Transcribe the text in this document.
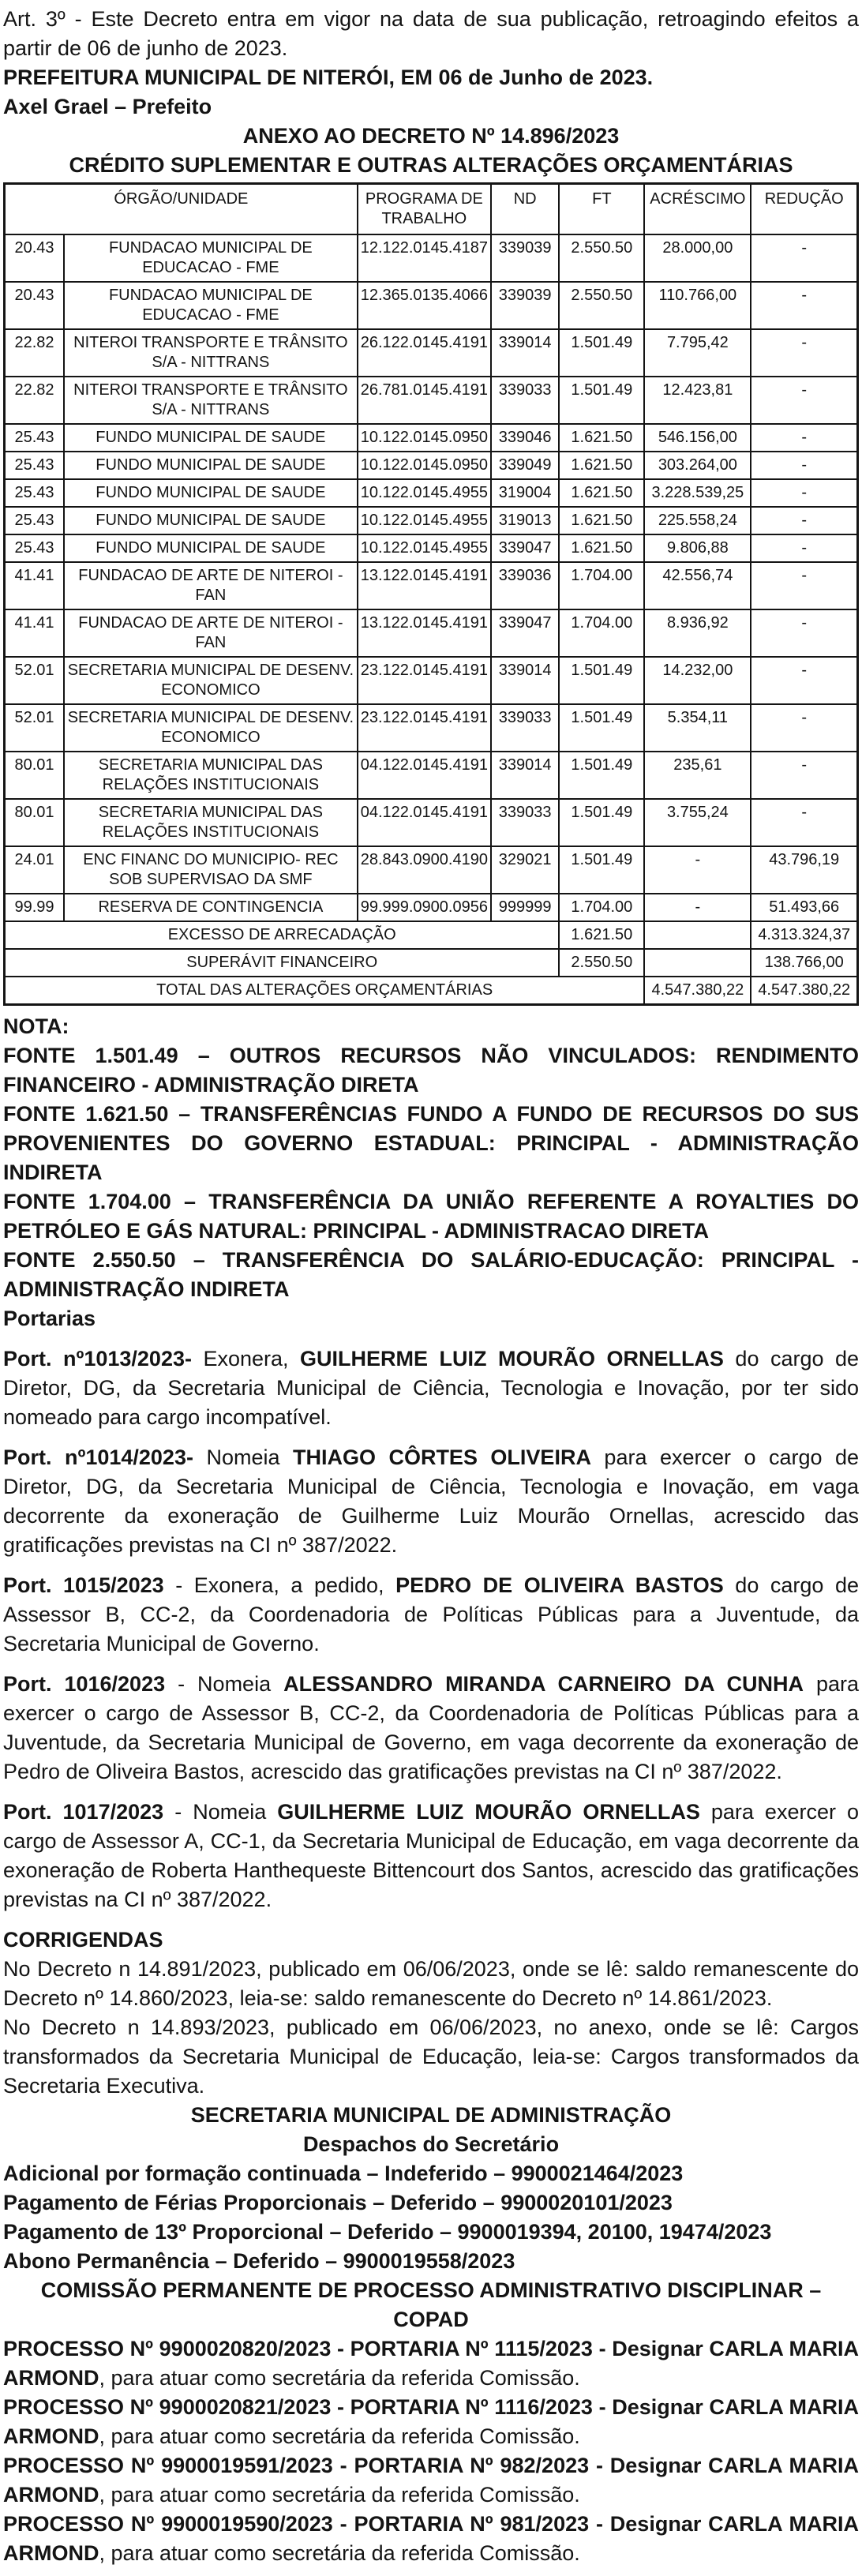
Art. 3º - Este Decreto entra em vigor na data de sua publicação, retroagindo efeitos a partir de 06 de junho de 2023.

PREFEITURA MUNICIPAL DE NITERÓI, EM 06 de Junho de 2023.

Axel Grael – Prefeito

ANEXO AO DECRETO Nº 14.896/2023

CRÉDITO SUPLEMENTAR E OUTRAS ALTERAÇÕES ORÇAMENTÁRIAS

ÓRGÃO/UNIDADE		PROGRAMA DE TRABALHO	ND	FT	ACRÉSCIMO	REDUÇÃO
20.43	FUNDACAO MUNICIPAL DE EDUCACAO - FME	12.122.0145.4187	339039	2.550.50	28.000,00	-
20.43	FUNDACAO MUNICIPAL DE EDUCACAO - FME	12.365.0135.4066	339039	2.550.50	110.766,00	-
22.82	NITEROI TRANSPORTE E TRÂNSITO S/A - NITTRANS	26.122.0145.4191	339014	1.501.49	7.795,42	-
22.82	NITEROI TRANSPORTE E TRÂNSITO S/A - NITTRANS	26.781.0145.4191	339033	1.501.49	12.423,81	-
25.43	FUNDO MUNICIPAL DE SAUDE	10.122.0145.0950	339046	1.621.50	546.156,00	-
25.43	FUNDO MUNICIPAL DE SAUDE	10.122.0145.0950	339049	1.621.50	303.264,00	-
25.43	FUNDO MUNICIPAL DE SAUDE	10.122.0145.4955	319004	1.621.50	3.228.539,25	-
25.43	FUNDO MUNICIPAL DE SAUDE	10.122.0145.4955	319013	1.621.50	225.558,24	-
25.43	FUNDO MUNICIPAL DE SAUDE	10.122.0145.4955	339047	1.621.50	9.806,88	-
41.41	FUNDACAO DE ARTE DE NITEROI - FAN	13.122.0145.4191	339036	1.704.00	42.556,74	-
41.41	FUNDACAO DE ARTE DE NITEROI - FAN	13.122.0145.4191	339047	1.704.00	8.936,92	-
52.01	SECRETARIA MUNICIPAL DE DESENV. ECONOMICO	23.122.0145.4191	339014	1.501.49	14.232,00	-
52.01	SECRETARIA MUNICIPAL DE DESENV. ECONOMICO	23.122.0145.4191	339033	1.501.49	5.354,11	-
80.01	SECRETARIA MUNICIPAL DAS RELAÇÕES INSTITUCIONAIS	04.122.0145.4191	339014	1.501.49	235,61	-
80.01	SECRETARIA MUNICIPAL DAS RELAÇÕES INSTITUCIONAIS	04.122.0145.4191	339033	1.501.49	3.755,24	-
24.01	ENC FINANC DO MUNICIPIO- REC SOB SUPERVISAO DA SMF	28.843.0900.4190	329021	1.501.49	-	43.796,19
99.99	RESERVA DE CONTINGENCIA	99.999.0900.0956	999999	1.704.00	-	51.493,66
EXCESSO DE ARRECADAÇÃO				1.621.50		4.313.324,37
SUPERÁVIT FINANCEIRO				2.550.50		138.766,00
TOTAL DAS ALTERAÇÕES ORÇAMENTÁRIAS					4.547.380,22	4.547.380,22

NOTA:

FONTE 1.501.49 – OUTROS RECURSOS NÃO VINCULADOS: RENDIMENTO FINANCEIRO - ADMINISTRAÇÃO DIRETA

FONTE 1.621.50 – TRANSFERÊNCIAS FUNDO A FUNDO DE RECURSOS DO SUS PROVENIENTES DO GOVERNO ESTADUAL: PRINCIPAL - ADMINISTRAÇÃO INDIRETA

FONTE 1.704.00 – TRANSFERÊNCIA DA UNIÃO REFERENTE A ROYALTIES DO PETRÓLEO E GÁS NATURAL: PRINCIPAL - ADMINISTRACAO DIRETA

FONTE 2.550.50 – TRANSFERÊNCIA DO SALÁRIO-EDUCAÇÃO: PRINCIPAL - ADMINISTRAÇÃO INDIRETA

Portarias

Port. nº1013/2023- Exonera, GUILHERME LUIZ MOURÃO ORNELLAS do cargo de Diretor, DG, da Secretaria Municipal de Ciência, Tecnologia e Inovação, por ter sido nomeado para cargo incompatível.

Port. nº1014/2023- Nomeia THIAGO CÔRTES OLIVEIRA para exercer o cargo de Diretor, DG, da Secretaria Municipal de Ciência, Tecnologia e Inovação, em vaga decorrente da exoneração de Guilherme Luiz Mourão Ornellas, acrescido das gratificações previstas na CI nº 387/2022.

Port. 1015/2023 - Exonera, a pedido, PEDRO DE OLIVEIRA BASTOS do cargo de Assessor B, CC-2, da Coordenadoria de Políticas Públicas para a Juventude, da Secretaria Municipal de Governo.

Port. 1016/2023 - Nomeia ALESSANDRO MIRANDA CARNEIRO DA CUNHA para exercer o cargo de Assessor B, CC-2, da Coordenadoria de Políticas Públicas para a Juventude, da Secretaria Municipal de Governo, em vaga decorrente da exoneração de Pedro de Oliveira Bastos, acrescido das gratificações previstas na CI nº 387/2022.

Port. 1017/2023 - Nomeia GUILHERME LUIZ MOURÃO ORNELLAS para exercer o cargo de Assessor A, CC-1, da Secretaria Municipal de Educação, em vaga decorrente da exoneração de Roberta Hanthequeste Bittencourt dos Santos, acrescido das gratificações previstas na CI nº 387/2022.

CORRIGENDAS

No Decreto n 14.891/2023, publicado em 06/06/2023, onde se lê: saldo remanescente do Decreto nº 14.860/2023, leia-se: saldo remanescente do Decreto nº 14.861/2023.

No Decreto n 14.893/2023, publicado em 06/06/2023, no anexo, onde se lê: Cargos transformados da Secretaria Municipal de Educação, leia-se: Cargos transformados da Secretaria Executiva.

SECRETARIA MUNICIPAL DE ADMINISTRAÇÃO

Despachos do Secretário

Adicional por formação continuada – Indeferido – 9900021464/2023

Pagamento de Férias Proporcionais – Deferido – 9900020101/2023

Pagamento de 13º Proporcional – Deferido – 9900019394, 20100, 19474/2023

Abono Permanência – Deferido – 9900019558/2023

COMISSÃO PERMANENTE DE PROCESSO ADMINISTRATIVO DISCIPLINAR – COPAD

PROCESSO Nº 9900020820/2023 - PORTARIA Nº 1115/2023 - Designar CARLA MARIA ARMOND, para atuar como secretária da referida Comissão.

PROCESSO Nº 9900020821/2023 - PORTARIA Nº 1116/2023 - Designar CARLA MARIA ARMOND, para atuar como secretária da referida Comissão.

PROCESSO Nº 9900019591/2023 - PORTARIA Nº 982/2023 - Designar CARLA MARIA ARMOND, para atuar como secretária da referida Comissão.

PROCESSO Nº 9900019590/2023 - PORTARIA Nº 981/2023 - Designar CARLA MARIA ARMOND, para atuar como secretária da referida Comissão.
